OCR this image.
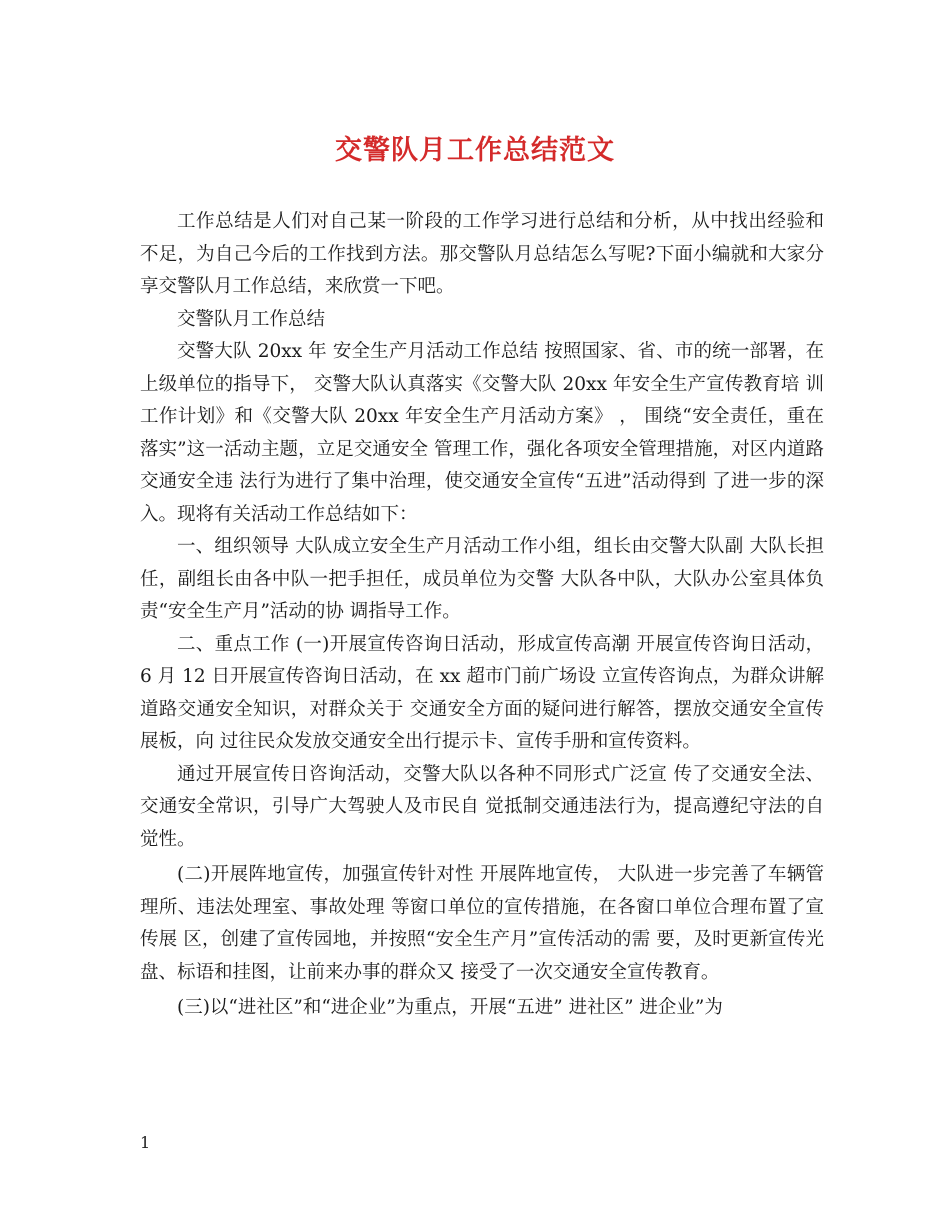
交警队月工作总结范文

工作总结是人们对自己某一阶段的工作学习进行总结和分析，从中找出经验和不足，为自己今后的工作找到方法。那交警队月总结怎么写呢?下面小编就和大家分享交警队月工作总结，来欣赏一下吧。

交警队月工作总结

交警大队 20xx 年 安全生产月活动工作总结 按照国家、省、市的统一部署，在上级单位的指导下， 交警大队认真落实《交警大队 20xx 年安全生产宣传教育培 训工作计划》和《交警大队 20xx 年安全生产月活动方案》 ， 围绕“安全责任，重在落实”这一活动主题，立足交通安全 管理工作，强化各项安全管理措施，对区内道路交通安全违 法行为进行了集中治理，使交通安全宣传“五进”活动得到 了进一步的深入。现将有关活动工作总结如下：

一、组织领导 大队成立安全生产月活动工作小组，组长由交警大队副 大队长担任，副组长由各中队一把手担任，成员单位为交警 大队各中队，大队办公室具体负责“安全生产月”活动的协 调指导工作。

二、重点工作 (一)开展宣传咨询日活动，形成宣传高潮 开展宣传咨询日活动， 6 月 12 日开展宣传咨询日活动，在 xx 超市门前广场设 立宣传咨询点，为群众讲解道路交通安全知识，对群众关于 交通安全方面的疑问进行解答，摆放交通安全宣传展板，向 过往民众发放交通安全出行提示卡、宣传手册和宣传资料。

通过开展宣传日咨询活动，交警大队以各种不同形式广泛宣 传了交通安全法、交通安全常识，引导广大驾驶人及市民自 觉抵制交通违法行为，提高遵纪守法的自觉性。

(二)开展阵地宣传，加强宣传针对性 开展阵地宣传， 大队进一步完善了车辆管理所、违法处理室、事故处理 等窗口单位的宣传措施，在各窗口单位合理布置了宣传展 区，创建了宣传园地，并按照“安全生产月”宣传活动的需 要，及时更新宣传光盘、标语和挂图，让前来办事的群众又 接受了一次交通安全宣传教育。

(三)以“进社区”和“进企业”为重点，开展“五进” 进社区” 进企业”为

1
